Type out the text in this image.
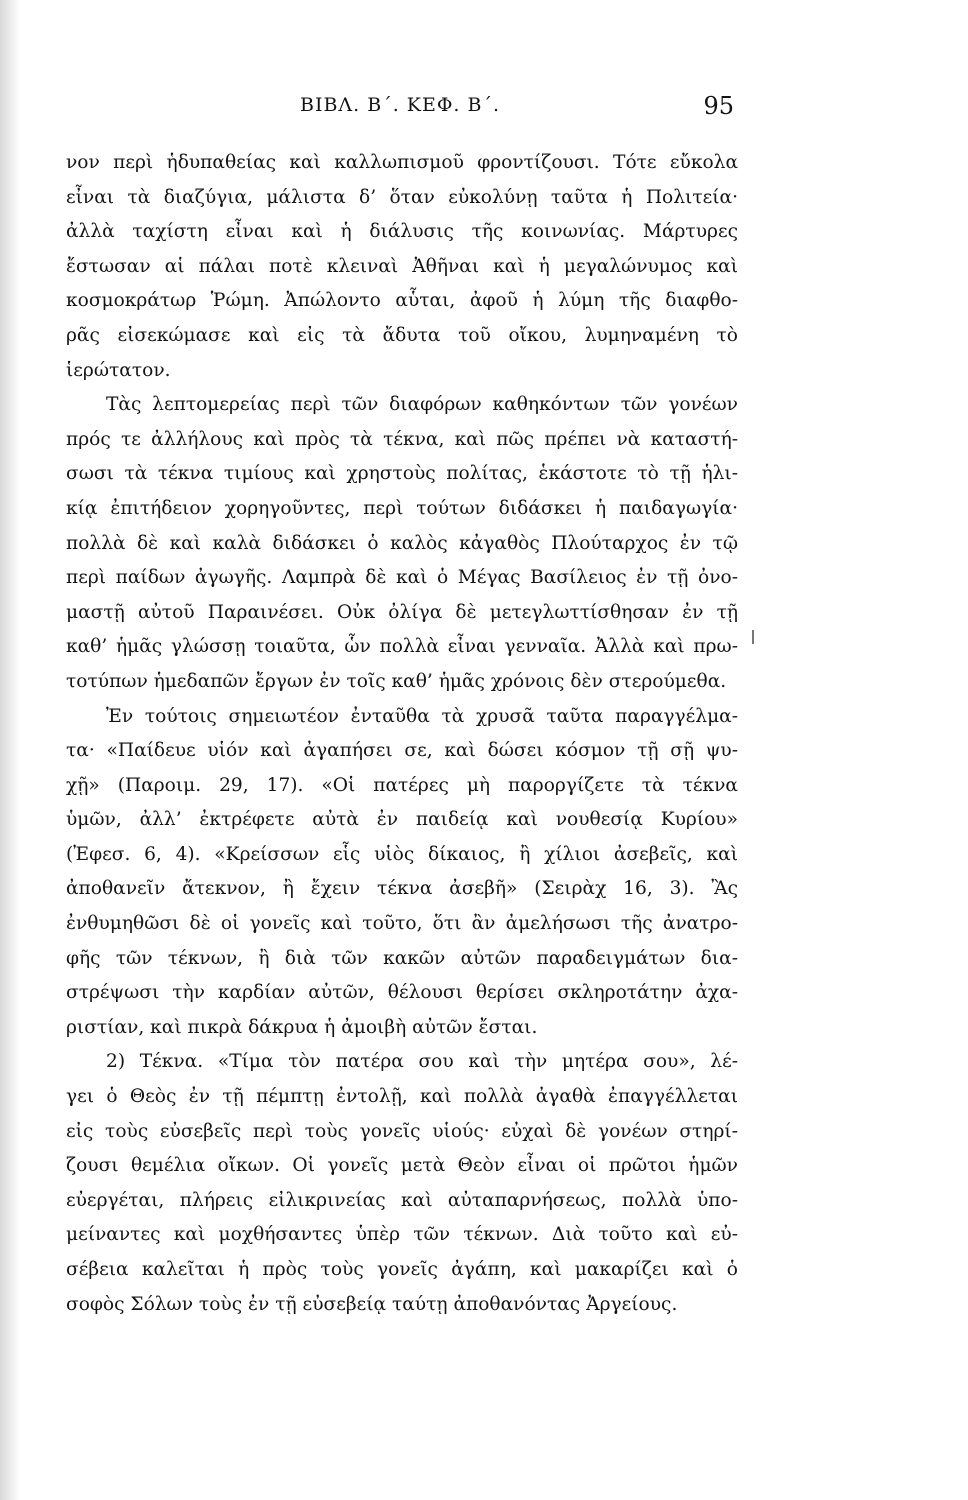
ΒΙΒΛ. Β΄. ΚΕΦ. Β΄.	95
νον περὶ ἡδυπαθείας καὶ καλλωπισμοῦ φροντίζουσι. Τότε εὔκολα
εἶναι τὰ διαζύγια, μάλιστα δ’ ὅταν εὐκολύνῃ ταῦτα ἡ Πολιτεία·
ἀλλὰ ταχίστη εἶναι καὶ ἡ διάλυσις τῆς κοινωνίας. Μάρτυρες
ἔστωσαν αἱ πάλαι ποτὲ κλειναὶ Ἀθῆναι καὶ ἡ μεγαλώνυμος καὶ
κοσμοκράτωρ Ῥώμη. Ἀπώλοντο αὗται, ἀφοῦ ἡ λύμη τῆς διαφθο-
ρᾶς εἰσεκώμασε καὶ εἰς τὰ ἄδυτα τοῦ οἴκου, λυμηναμένη τὸ
ἱερώτατον.
Τὰς λεπτομερείας περὶ τῶν διαφόρων καθηκόντων τῶν γονέων
πρός τε ἀλλήλους καὶ πρὸς τὰ τέκνα, καὶ πῶς πρέπει νὰ καταστή-
σωσι τὰ τέκνα τιμίους καὶ χρηστοὺς πολίτας, ἑκάστοτε τὸ τῇ ἡλι-
κίᾳ ἐπιτήδειον χορηγοῦντες, περὶ τούτων διδάσκει ἡ παιδαγωγία·
πολλὰ δὲ καὶ καλὰ διδάσκει ὁ καλὸς κἀγαθὸς Πλούταρχος ἐν τῷ
περὶ παίδων ἀγωγῆς. Λαμπρὰ δὲ καὶ ὁ Μέγας Βασίλειος ἐν τῇ ὀνο-
μαστῇ αὐτοῦ Παραινέσει. Οὐκ ὀλίγα δὲ μετεγλωττίσθησαν ἐν τῇ
καθ’ ἡμᾶς γλώσσῃ τοιαῦτα, ὧν πολλὰ εἶναι γενναῖα. Ἀλλὰ καὶ πρω-
τοτύπων ἡμεδαπῶν ἔργων ἐν τοῖς καθ’ ἡμᾶς χρόνοις δὲν στερούμεθα.
Ἐν τούτοις σημειωτέον ἐνταῦθα τὰ χρυσᾶ ταῦτα παραγγέλμα-
τα· «Παίδευε υἱόν καὶ ἀγαπήσει σε, καὶ δώσει κόσμον τῇ σῇ ψυ-
χῇ» (Παροιμ. 29, 17). «Οἱ πατέρες μὴ παροργίζετε τὰ τέκνα
ὑμῶν, ἀλλ’ ἐκτρέφετε αὐτὰ ἐν παιδείᾳ καὶ νουθεσίᾳ Κυρίου»
(Ἐφεσ. 6, 4). «Κρείσσων εἷς υἱὸς δίκαιος, ἢ χίλιοι ἀσεβεῖς, καὶ
ἀποθανεῖν ἄτεκνον, ἢ ἔχειν τέκνα ἀσεβῆ» (Σειρὰχ 16, 3). Ἂς
ἐνθυμηθῶσι δὲ οἱ γονεῖς καὶ τοῦτο, ὅτι ἂν ἀμελήσωσι τῆς ἀνατρο-
φῆς τῶν τέκνων, ἢ διὰ τῶν κακῶν αὐτῶν παραδειγμάτων δια-
στρέψωσι τὴν καρδίαν αὐτῶν, θέλουσι θερίσει σκληροτάτην ἀχα-
ριστίαν, καὶ πικρὰ δάκρυα ἡ ἀμοιβὴ αὐτῶν ἔσται.
2) Τέκνα. «Τίμα τὸν πατέρα σου καὶ τὴν μητέρα σου», λέ-
γει ὁ Θεὸς ἐν τῇ πέμπτῃ ἐντολῇ, καὶ πολλὰ ἀγαθὰ ἐπαγγέλλεται
εἰς τοὺς εὐσεβεῖς περὶ τοὺς γονεῖς υἱούς· εὐχαὶ δὲ γονέων στηρί-
ζουσι θεμέλια οἴκων. Οἱ γονεῖς μετὰ Θεὸν εἶναι οἱ πρῶτοι ἡμῶν
εὐεργέται, πλήρεις εἰλικρινείας καὶ αὐταπαρνήσεως, πολλὰ ὑπο-
μείναντες καὶ μοχθήσαντες ὑπὲρ τῶν τέκνων. Διὰ τοῦτο καὶ εὐ-
σέβεια καλεῖται ἡ πρὸς τοὺς γονεῖς ἀγάπη, καὶ μακαρίζει καὶ ὁ
σοφὸς Σόλων τοὺς ἐν τῇ εὐσεβείᾳ ταύτῃ ἀποθανόντας Ἀργείους.
